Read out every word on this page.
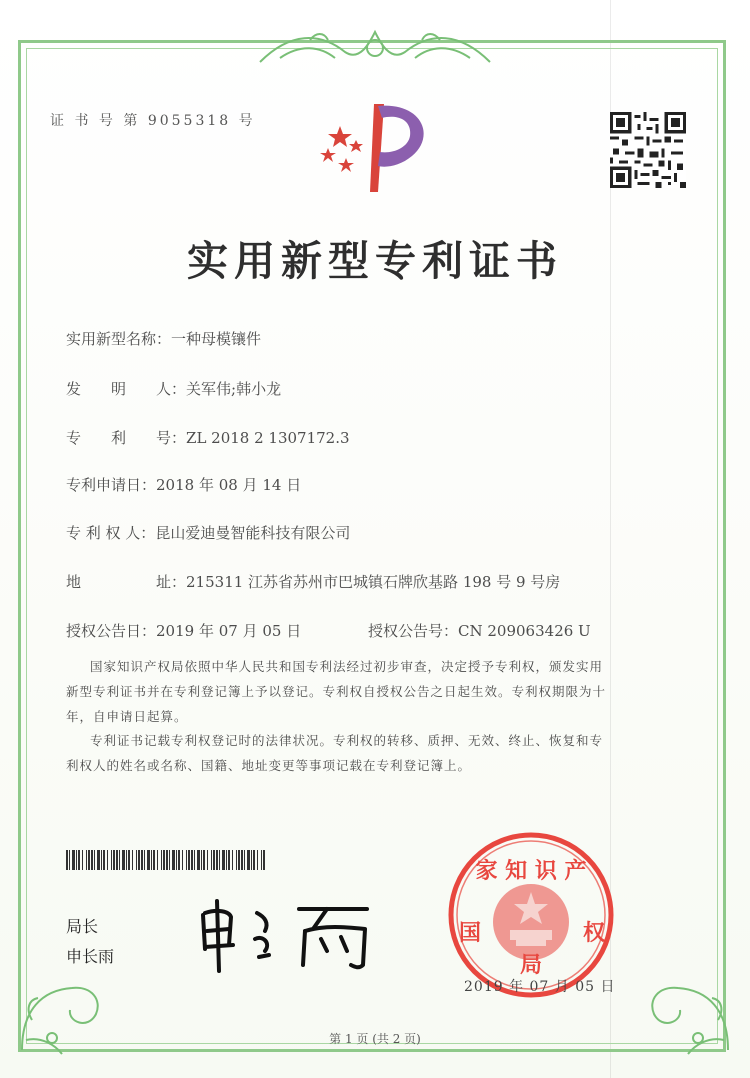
证 书 号 第 9055318 号
实用新型专利证书
实用新型名称：一种母模镶件
发　　明　　人：关军伟;韩小龙
专　　利　　号：ZL 2018 2 1307172.3
专利申请日：2018 年 08 月 14 日
专 利 权 人：昆山爱迪曼智能科技有限公司
地　　　　　址：215311 江苏省苏州市巴城镇石牌欣基路 198 号 9 号房
授权公告日：2019 年 07 月 05 日	授权公告号：CN 209063426 U
国家知识产权局依照中华人民共和国专利法经过初步审查，决定授予专利权，颁发实用
新型专利证书并在专利登记簿上予以登记。专利权自授权公告之日起生效。专利权期限为十
年，自申请日起算。
专利证书记载专利权登记时的法律状况。专利权的转移、质押、无效、终止、恢复和专
利权人的姓名或名称、国籍、地址变更等事项记载在专利登记簿上。
局长
申长雨
家 知 识 产
国	权
局
2019 年 07 月 05 日
第 1 页 (共 2 页)
